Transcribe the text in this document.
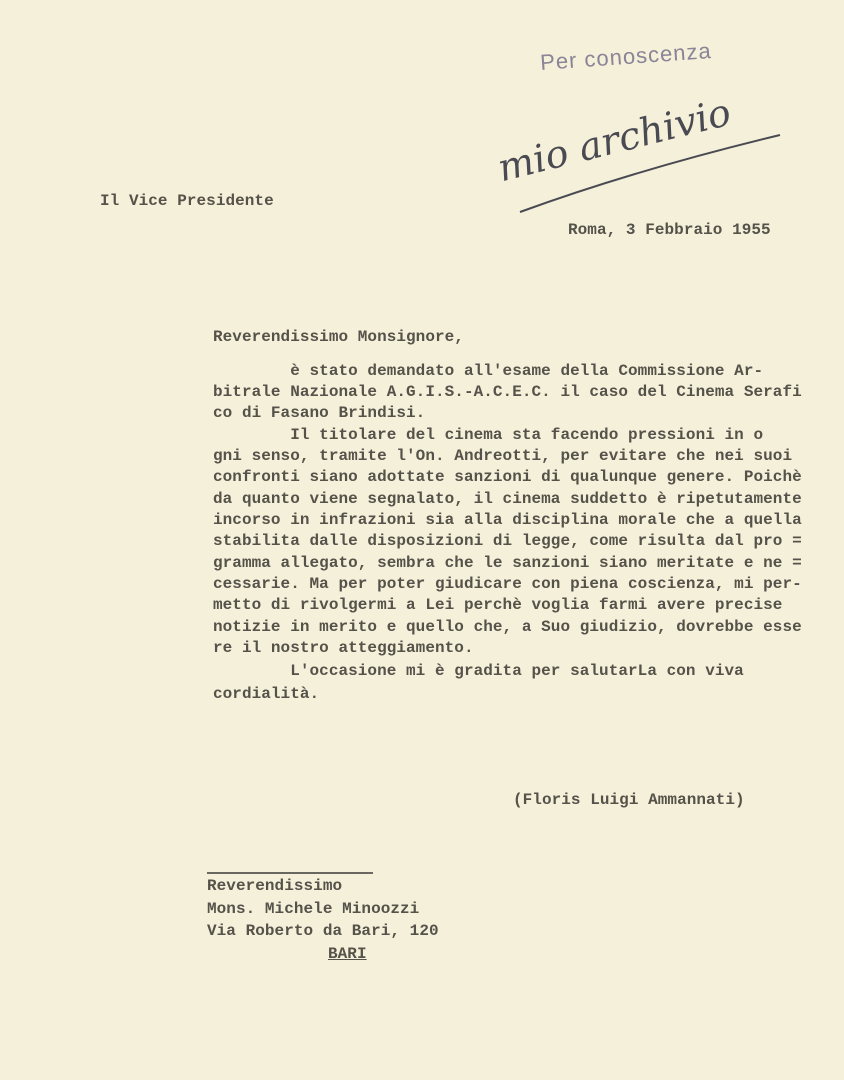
Per conoscenza
mio archivio
Il Vice Presidente
Roma, 3 Febbraio 1955
Reverendissimo Monsignore,
è stato demandato all'esame della Commissione Ar-
bitrale Nazionale A.G.I.S.-A.C.E.C. il caso del Cinema Serafi
co di Fasano Brindisi.
Il titolare del cinema sta facendo pressioni in o
gni senso, tramite l'On. Andreotti, per evitare che nei suoi
confronti siano adottate sanzioni di qualunque genere. Poichè
da quanto viene segnalato, il cinema suddetto è ripetutamente
incorso in infrazioni sia alla disciplina morale che a quella
stabilita dalle disposizioni di legge, come risulta dal pro =
gramma allegato, sembra che le sanzioni siano meritate e ne =
cessarie. Ma per poter giudicare con piena coscienza, mi per-
metto di rivolgermi a Lei perchè voglia farmi avere precise
notizie in merito e quello che, a Suo giudizio, dovrebbe esse
re il nostro atteggiamento.
L'occasione mi è gradita per salutarLa con viva
cordialità.
(Floris Luigi Ammannati)
Reverendissimo
Mons. Michele Minoozzi
Via Roberto da Bari, 120
BARI
